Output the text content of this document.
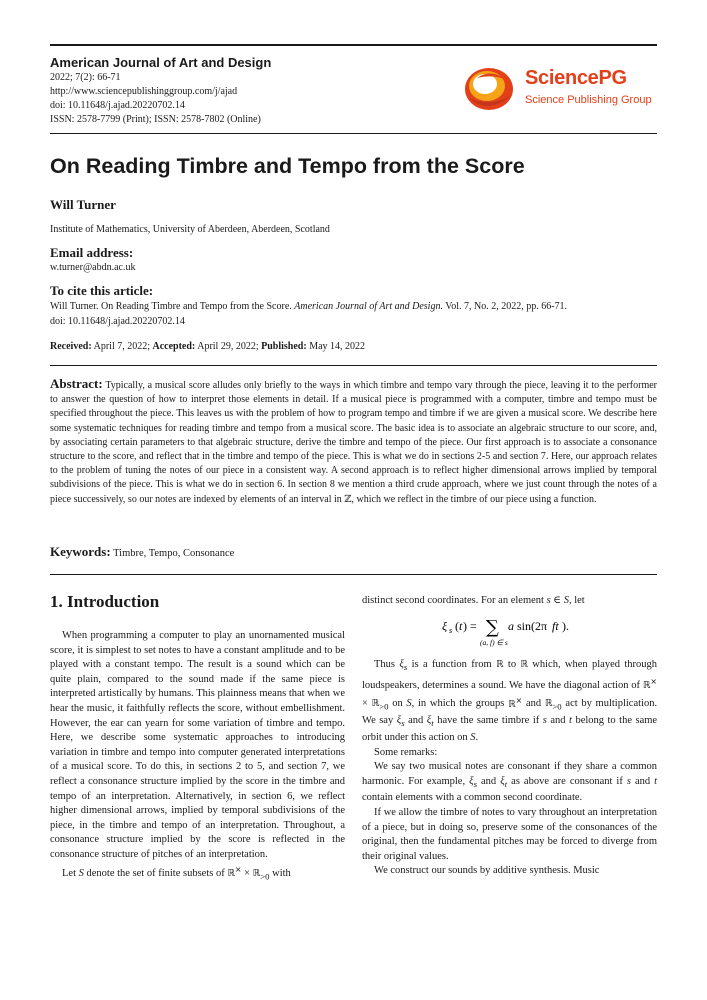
American Journal of Art and Design
2022; 7(2): 66-71
http://www.sciencepublishinggroup.com/j/ajad
doi: 10.11648/j.ajad.20220702.14
ISSN: 2578-7799 (Print); ISSN: 2578-7802 (Online)
SciencePG
Science Publishing Group
On Reading Timbre and Tempo from the Score
Will Turner
Institute of Mathematics, University of Aberdeen, Aberdeen, Scotland
Email address:
w.turner@abdn.ac.uk
To cite this article:
Will Turner. On Reading Timbre and Tempo from the Score. American Journal of Art and Design. Vol. 7, No. 2, 2022, pp. 66-71.
doi: 10.11648/j.ajad.20220702.14
Received: April 7, 2022; Accepted: April 29, 2022; Published: May 14, 2022
Abstract: Typically, a musical score alludes only briefly to the ways in which timbre and tempo vary through the piece, leaving it to the performer to answer the question of how to interpret those elements in detail. If a musical piece is programmed with a computer, timbre and tempo must be specified throughout the piece. This leaves us with the problem of how to program tempo and timbre if we are given a musical score. We describe here some systematic techniques for reading timbre and tempo from a musical score. The basic idea is to associate an algebraic structure to our score, and, by associating certain parameters to that algebraic structure, derive the timbre and tempo of the piece. Our first approach is to associate a consonance structure to the score, and reflect that in the timbre and tempo of the piece. This is what we do in sections 2-5 and section 7. Here, our approach relates to the problem of tuning the notes of our piece in a consistent way. A second approach is to reflect higher dimensional arrows implied by temporal subdivisions of the piece. This is what we do in section 6. In section 8 we mention a third crude approach, where we just count through the notes of a piece successively, so our notes are indexed by elements of an interval in ℤ, which we reflect in the timbre of our piece using a function.
Keywords: Timbre, Tempo, Consonance
1. Introduction

When programming a computer to play an unornamented musical score, it is simplest to set notes to have a constant amplitude and to be played with a constant tempo. The result is a sound which can be quite plain, compared to the sound made if the same piece is interpreted artistically by humans. This plainness means that when we hear the music, it faithfully reflects the score, without embellishment. However, the ear can yearn for some variation of timbre and tempo. Here, we describe some systematic approaches to introducing variation in timbre and tempo into computer generated interpretations of a musical score. To do this, in sections 2 to 5, and section 7, we reflect a consonance structure implied by the score in the timbre and tempo of an interpretation. Alternatively, in section 6, we reflect higher dimensional arrows, implied by temporal subdivisions of the piece, in the timbre and tempo of an interpretation. Throughout, a consonance structure implied by the score is reflected in the consonance structure of pitches of an interpretation.

Let S denote the set of finite subsets of ℝ× × ℝ$_{>0}$ with

distinct second coordinates. For an element s ∈ S, let

ξ s ( t ) = ∑
(a, f) ∈ s
a sin(2π ft ).

Thus $\xi_s$ is a function from ℝ to ℝ which, when played through loudspeakers, determines a sound. We have the diagonal action of ℝ× × ℝ$_{>0}$ on S, in which the groups ℝ× and ℝ$_{>0}$ act by multiplication. We say $\xi_s$ and $\xi_t$ have the same timbre if s and t belong to the same orbit under this action on S.

Some remarks:

We say two musical notes are consonant if they share a common harmonic. For example, $\xi_s$ and $\xi_t$ as above are consonant if s and t contain elements with a common second coordinate.

If we allow the timbre of notes to vary throughout an interpretation of a piece, but in doing so, preserve some of the consonances of the original, then the fundamental pitches may be forced to diverge from their original values.

We construct our sounds by additive synthesis. Music
